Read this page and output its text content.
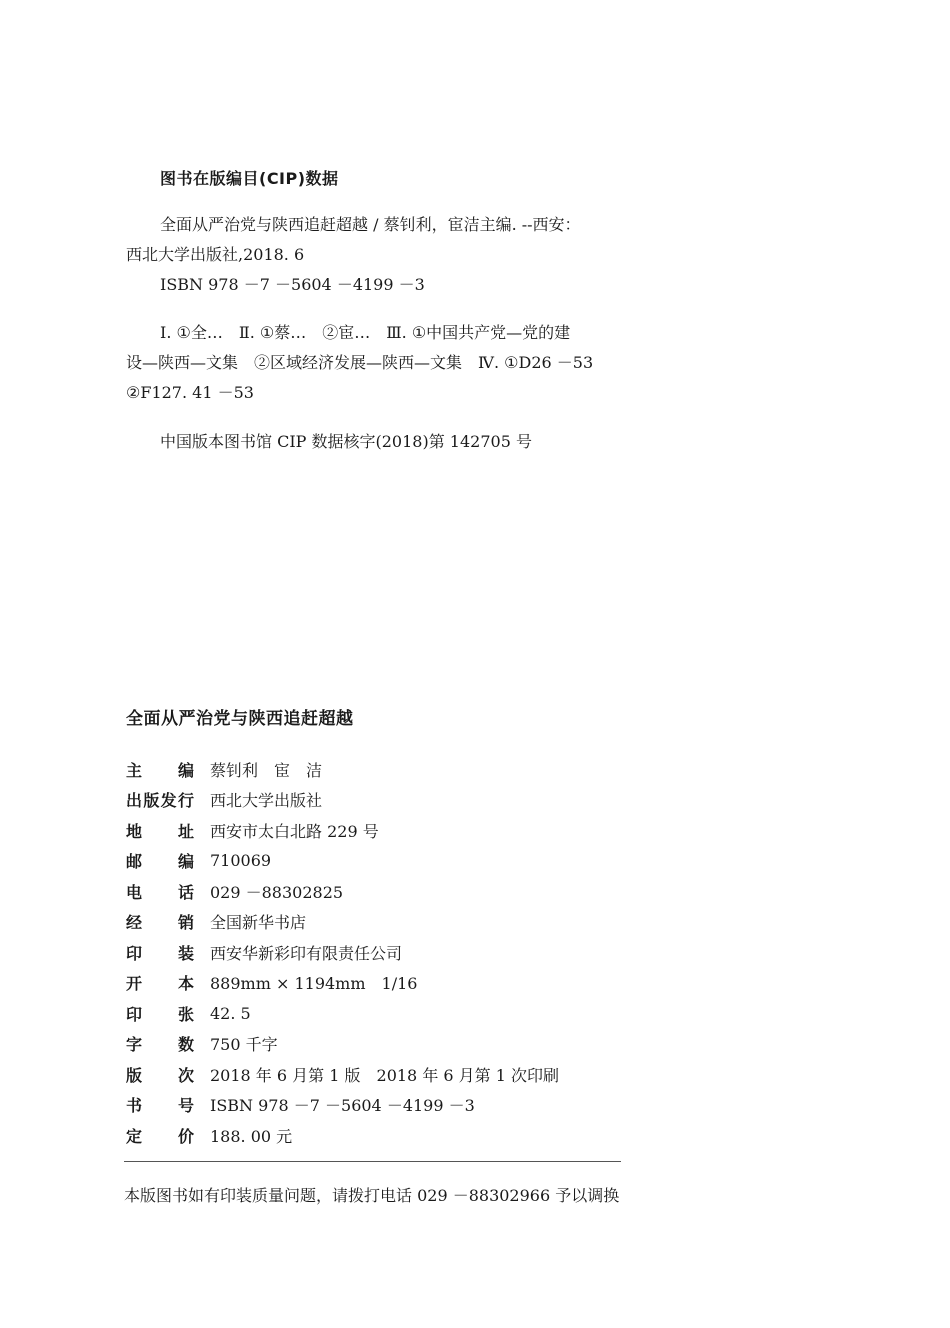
图书在版编目(CIP)数据
全面从严治党与陕西追赶超越 / 蔡钊利，宦洁主编. --西安：
西北大学出版社,2018. 6
ISBN 978 －7 －5604 －4199 －3
Ⅰ. ①全…　Ⅱ. ①蔡…　②宦…　Ⅲ. ①中国共产党—党的建
设—陕西—文集　②区域经济发展—陕西—文集　Ⅳ. ①D26 －53
②F127. 41 －53
中国版本图书馆 CIP 数据核字(2018)第 142705 号
全面从严治党与陕西追赶超越
主 编 蔡钊利　宦　洁
出 版 发 行 西北大学出版社
地 址 西安市太白北路 229 号
邮 编 710069
电 话 029 －88302825
经 销 全国新华书店
印 装 西安华新彩印有限责任公司
开 本 889mm × 1194mm　1/16
印 张 42. 5
字 数 750 千字
版 次 2018 年 6 月第 1 版　2018 年 6 月第 1 次印刷
书 号 ISBN 978 －7 －5604 －4199 －3
定 价 188. 00 元
本版图书如有印装质量问题，请拨打电话 029 －88302966 予以调换
